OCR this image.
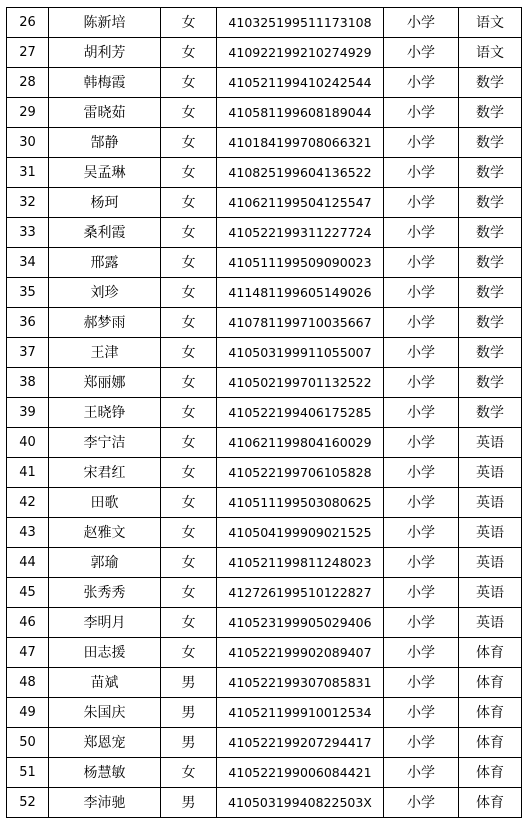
26	陈新培	女	410325199511173108	小学	语文
27	胡利芳	女	410922199210274929	小学	语文
28	韩梅霞	女	410521199410242544	小学	数学
29	雷晓茹	女	410581199608189044	小学	数学
30	郜静	女	410184199708066321	小学	数学
31	吴孟琳	女	410825199604136522	小学	数学
32	杨珂	女	410621199504125547	小学	数学
33	桑利霞	女	410522199311227724	小学	数学
34	邢露	女	410511199509090023	小学	数学
35	刘珍	女	411481199605149026	小学	数学
36	郝梦雨	女	410781199710035667	小学	数学
37	王津	女	410503199911055007	小学	数学
38	郑丽娜	女	410502199701132522	小学	数学
39	王晓铮	女	410522199406175285	小学	数学
40	李宁洁	女	410621199804160029	小学	英语
41	宋君红	女	410522199706105828	小学	英语
42	田歌	女	410511199503080625	小学	英语
43	赵雅文	女	410504199909021525	小学	英语
44	郭瑜	女	410521199811248023	小学	英语
45	张秀秀	女	412726199510122827	小学	英语
46	李明月	女	410523199905029406	小学	英语
47	田志援	女	410522199902089407	小学	体育
48	苗斌	男	410522199307085831	小学	体育
49	朱国庆	男	410521199910012534	小学	体育
50	郑恩宠	男	410522199207294417	小学	体育
51	杨慧敏	女	410522199006084421	小学	体育
52	李沛驰	男	41050319940822503X	小学	体育
